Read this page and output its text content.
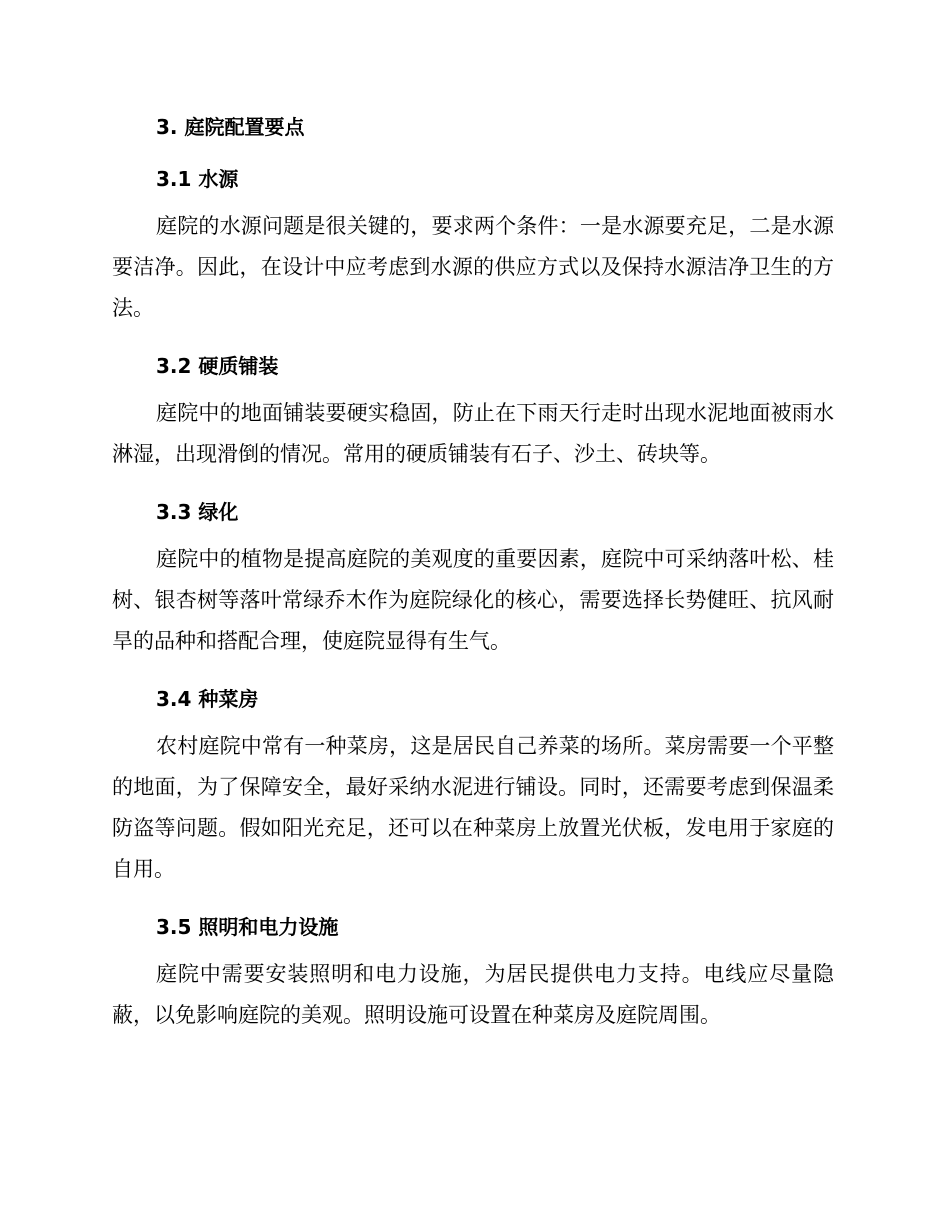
3. 庭院配置要点
3.1 水源

庭院的水源问题是很关键的，要求两个条件：一是水源要充足，二是水源要洁净。因此，在设计中应考虑到水源的供应方式以及保持水源洁净卫生的方法。

3.2 硬质铺装

庭院中的地面铺装要硬实稳固，防止在下雨天行走时出现水泥地面被雨水淋湿，出现滑倒的情况。常用的硬质铺装有石子、沙土、砖块等。

3.3 绿化

庭院中的植物是提高庭院的美观度的重要因素，庭院中可采纳落叶松、桂树、银杏树等落叶常绿乔木作为庭院绿化的核心，需要选择长势健旺、抗风耐旱的品种和搭配合理，使庭院显得有生气。

3.4 种菜房

农村庭院中常有一种菜房，这是居民自己养菜的场所。菜房需要一个平整的地面，为了保障安全，最好采纳水泥进行铺设。同时，还需要考虑到保温柔防盗等问题。假如阳光充足，还可以在种菜房上放置光伏板，发电用于家庭的自用。

3.5 照明和电力设施

庭院中需要安装照明和电力设施，为居民提供电力支持。电线应尽量隐蔽，以免影响庭院的美观。照明设施可设置在种菜房及庭院周围。
